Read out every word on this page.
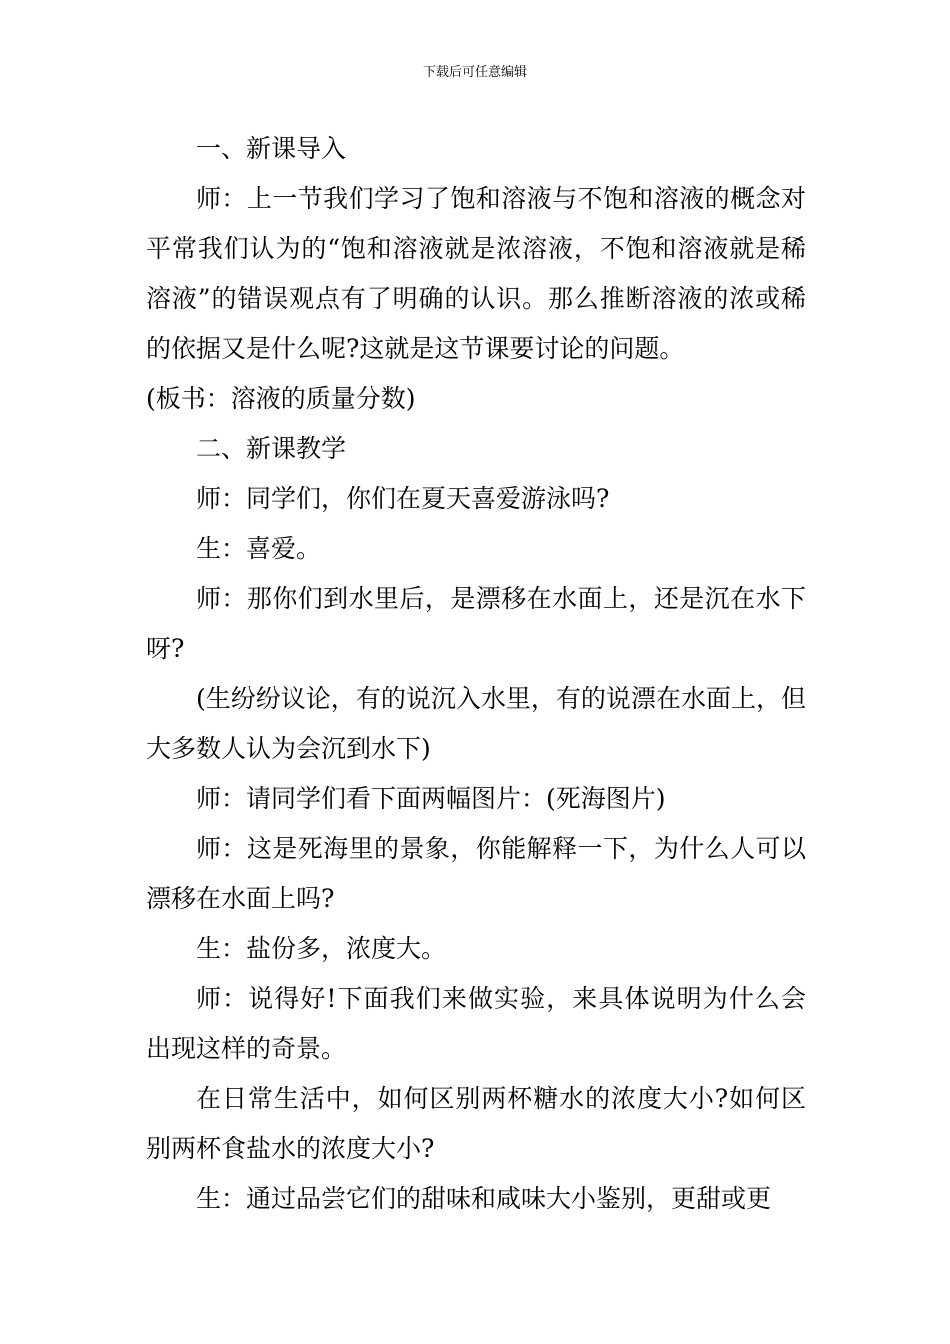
下载后可任意编辑

一、新课导入

师：上一节我们学习了饱和溶液与不饱和溶液的概念对平常我们认为的“饱和溶液就是浓溶液，不饱和溶液就是稀溶液”的错误观点有了明确的认识。那么推断溶液的浓或稀的依据又是什么呢?这就是这节课要讨论的问题。

(板书：溶液的质量分数)

二、新课教学

师：同学们，你们在夏天喜爱游泳吗?

生：喜爱。

师：那你们到水里后，是漂移在水面上，还是沉在水下呀?

(生纷纷议论，有的说沉入水里，有的说漂在水面上，但大多数人认为会沉到水下)

师：请同学们看下面两幅图片：(死海图片)

师：这是死海里的景象，你能解释一下，为什么人可以漂移在水面上吗?

生：盐份多，浓度大。

师：说得好!下面我们来做实验，来具体说明为什么会出现这样的奇景。

在日常生活中，如何区别两杯糖水的浓度大小?如何区别两杯食盐水的浓度大小?

生：通过品尝它们的甜味和咸味大小鉴别，更甜或更
